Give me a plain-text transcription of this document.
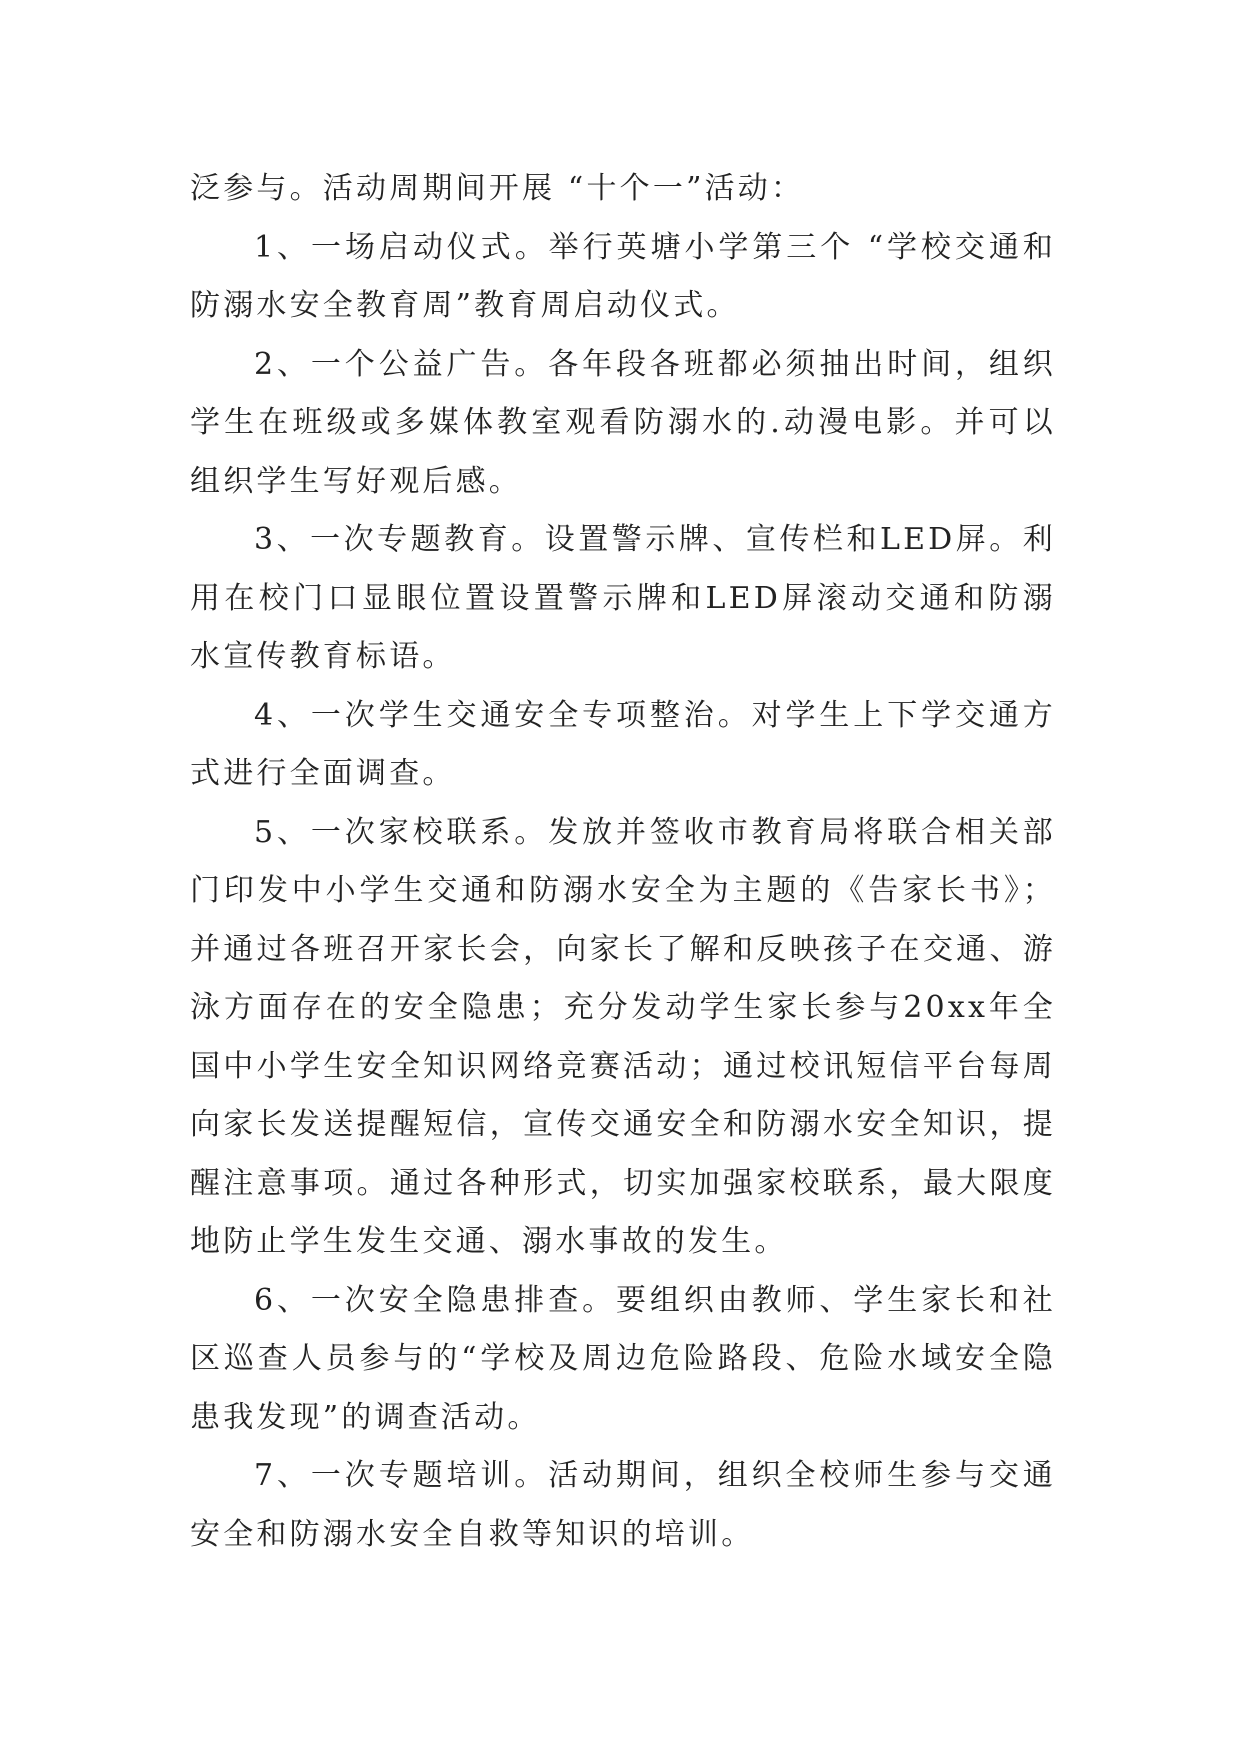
泛参与。活动周期间开展 “十个一”活动：

1、一场启动仪式。举行英塘小学第三个 “学校交通和防溺水安全教育周”教育周启动仪式。

2、一个公益广告。各年段各班都必须抽出时间，组织学生在班级或多媒体教室观看防溺水的.动漫电影。并可以组织学生写好观后感。

3、一次专题教育。设置警示牌、宣传栏和LED屏。利用在校门口显眼位置设置警示牌和LED屏滚动交通和防溺水宣传教育标语。

4、一次学生交通安全专项整治。对学生上下学交通方式进行全面调查。

5、一次家校联系。发放并签收市教育局将联合相关部门印发中小学生交通和防溺水安全为主题的《告家长书》；并通过各班召开家长会，向家长了解和反映孩子在交通、游泳方面存在的安全隐患；充分发动学生家长参与20xx年全国中小学生安全知识网络竞赛活动；通过校讯短信平台每周向家长发送提醒短信，宣传交通安全和防溺水安全知识，提醒注意事项。通过各种形式，切实加强家校联系，最大限度地防止学生发生交通、溺水事故的发生。

6、一次安全隐患排查。要组织由教师、学生家长和社区巡查人员参与的“学校及周边危险路段、危险水域安全隐患我发现”的调查活动。

7、一次专题培训。活动期间，组织全校师生参与交通安全和防溺水安全自救等知识的培训。
